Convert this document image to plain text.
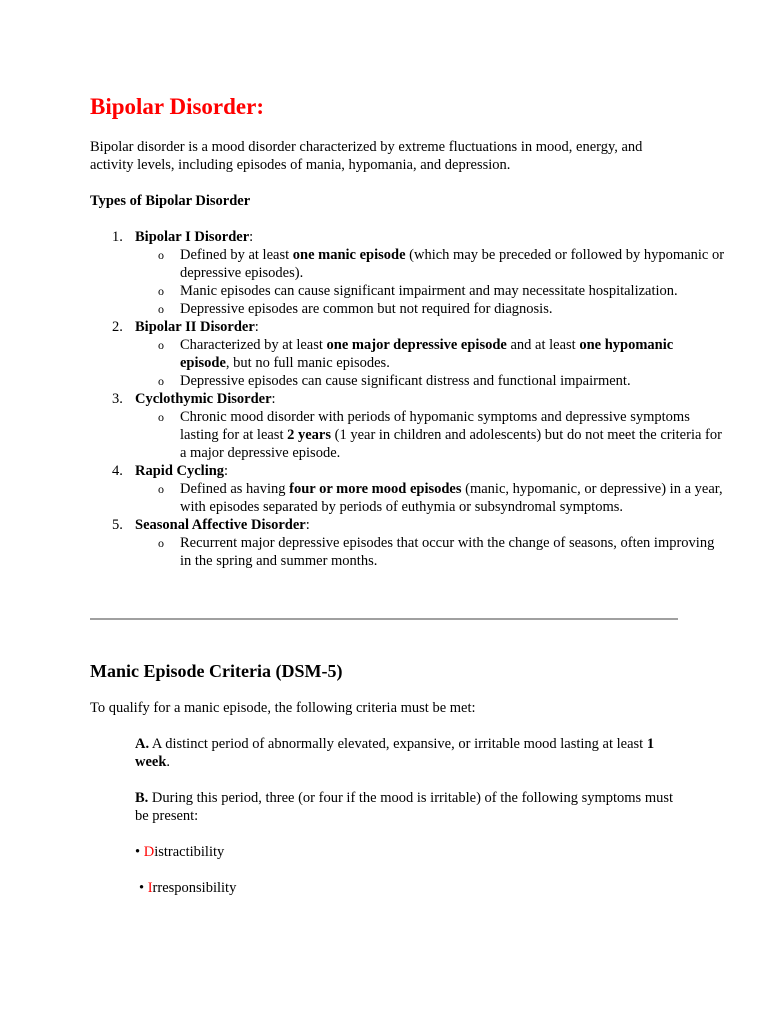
Bipolar Disorder:

Bipolar disorder is a mood disorder characterized by extreme fluctuations in mood, energy, and activity levels, including episodes of mania, hypomania, and depression.

Types of Bipolar Disorder

1. Bipolar I Disorder:
o Defined by at least one manic episode (which may be preceded or followed by hypomanic or depressive episodes).
o Manic episodes can cause significant impairment and may necessitate hospitalization.
o Depressive episodes are common but not required for diagnosis.
2. Bipolar II Disorder:
o Characterized by at least one major depressive episode and at least one hypomanic episode, but no full manic episodes.
o Depressive episodes can cause significant distress and functional impairment.
3. Cyclothymic Disorder:
o Chronic mood disorder with periods of hypomanic symptoms and depressive symptoms lasting for at least 2 years (1 year in children and adolescents) but do not meet the criteria for a major depressive episode.
4. Rapid Cycling:
o Defined as having four or more mood episodes (manic, hypomanic, or depressive) in a year, with episodes separated by periods of euthymia or subsyndromal symptoms.
5. Seasonal Affective Disorder:
o Recurrent major depressive episodes that occur with the change of seasons, often improving in the spring and summer months.
Manic Episode Criteria (DSM-5)

To qualify for a manic episode, the following criteria must be met:

A. A distinct period of abnormally elevated, expansive, or irritable mood lasting at least 1 week.

B. During this period, three (or four if the mood is irritable) of the following symptoms must be present:

• Distractibility

• Irresponsibility
